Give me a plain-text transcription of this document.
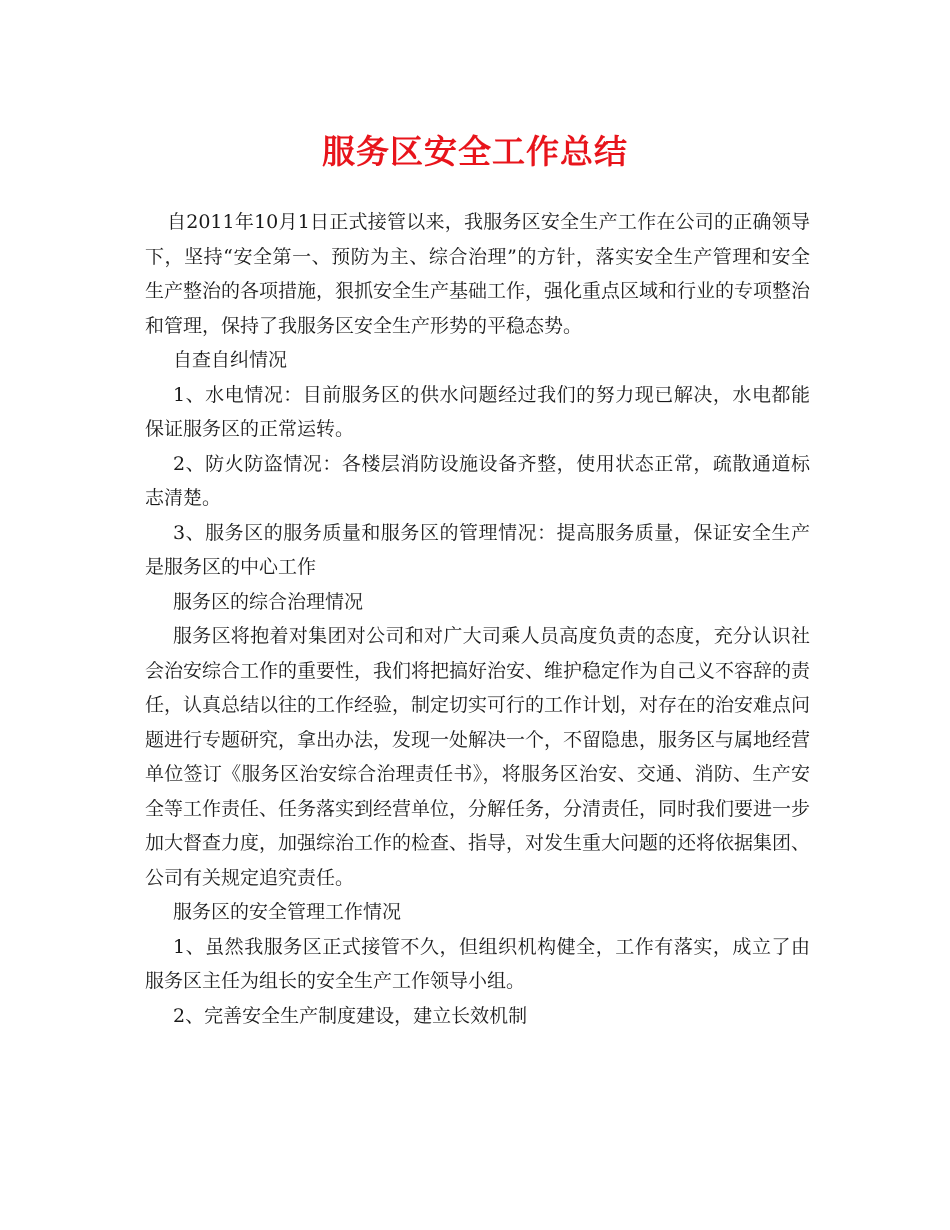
服务区安全工作总结

自2011年10月1日正式接管以来，我服务区安全生产工作在公司的正确领导下，坚持“安全第一、预防为主、综合治理”的方针，落实安全生产管理和安全生产整治的各项措施，狠抓安全生产基础工作，强化重点区域和行业的专项整治和管理，保持了我服务区安全生产形势的平稳态势。

自查自纠情况

1、水电情况：目前服务区的供水问题经过我们的努力现已解决，水电都能保证服务区的正常运转。

2、防火防盗情况：各楼层消防设施设备齐整，使用状态正常，疏散通道标志清楚。

3、服务区的服务质量和服务区的管理情况：提高服务质量，保证安全生产是服务区的中心工作

服务区的综合治理情况

服务区将抱着对集团对公司和对广大司乘人员高度负责的态度，充分认识社会治安综合工作的重要性，我们将把搞好治安、维护稳定作为自己义不容辞的责任，认真总结以往的工作经验，制定切实可行的工作计划，对存在的治安难点问题进行专题研究，拿出办法，发现一处解决一个，不留隐患，服务区与属地经营单位签订《服务区治安综合治理责任书》，将服务区治安、交通、消防、生产安全等工作责任、任务落实到经营单位，分解任务，分清责任，同时我们要进一步加大督查力度，加强综治工作的检查、指导，对发生重大问题的还将依据集团、公司有关规定追究责任。

服务区的安全管理工作情况

1、虽然我服务区正式接管不久，但组织机构健全，工作有落实，成立了由服务区主任为组长的安全生产工作领导小组。

2、完善安全生产制度建设，建立长效机制
